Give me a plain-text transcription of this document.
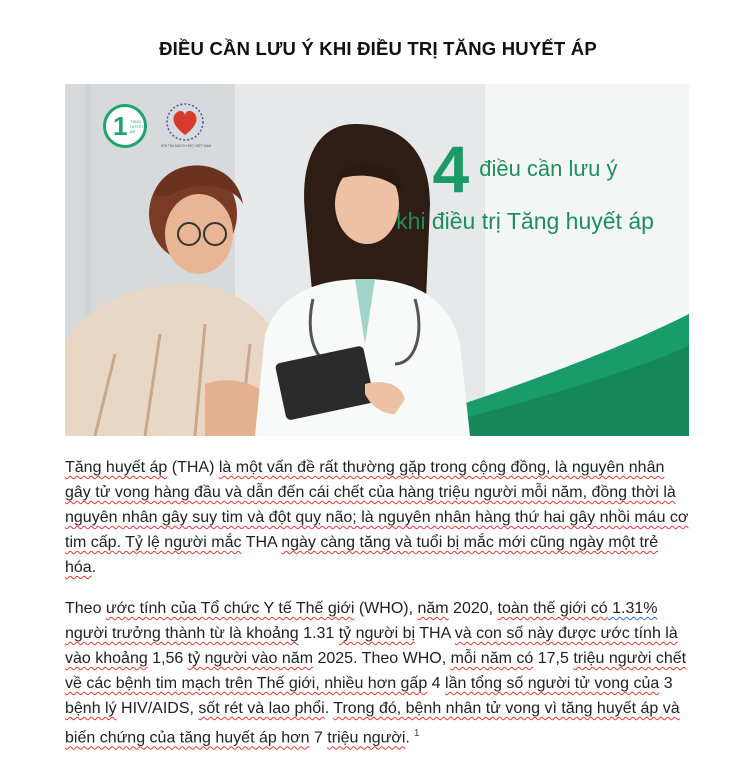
ĐIỀU CẦN LƯU Ý KHI ĐIỀU TRỊ TĂNG HUYẾT ÁP
1 TĂNG HUYẾT ÁP
HỘI TIM MẠCH HỌC VIỆT NAM	4 điều cần lưu ý
khi điều trị Tăng huyết áp
Tăng huyết áp (THA) là một vấn đề rất thường gặp trong cộng đồng, là nguyên nhân gây tử vong hàng đầu và dẫn đến cái chết của hàng triệu người mỗi năm, đồng thời là nguyên nhân gây suy tim và đột quỵ não; là nguyên nhân hàng thứ hai gây nhồi máu cơ tim cấp. Tỷ lệ người mắc THA ngày càng tăng và tuổi bị mắc mới cũng ngày một trẻ hóa.
Theo ước tính của Tổ chức Y tế Thế giới (WHO), năm 2020, toàn thế giới có 1.31% người trưởng thành từ là khoảng 1.31 tỷ người bị THA và con số này được ước tính là vào khoảng 1,56 tỷ người vào năm 2025. Theo WHO, mỗi năm có 17,5 triệu người chết về các bệnh tim mạch trên Thế giới, nhiều hơn gấp 4 lần tổng số người tử vong của 3 bệnh lý HIV/AIDS, sốt rét và lao phổi. Trong đó, bệnh nhân tử vong vì tăng huyết áp và biến chứng của tăng huyết áp hơn 7 triệu người. $^1$
